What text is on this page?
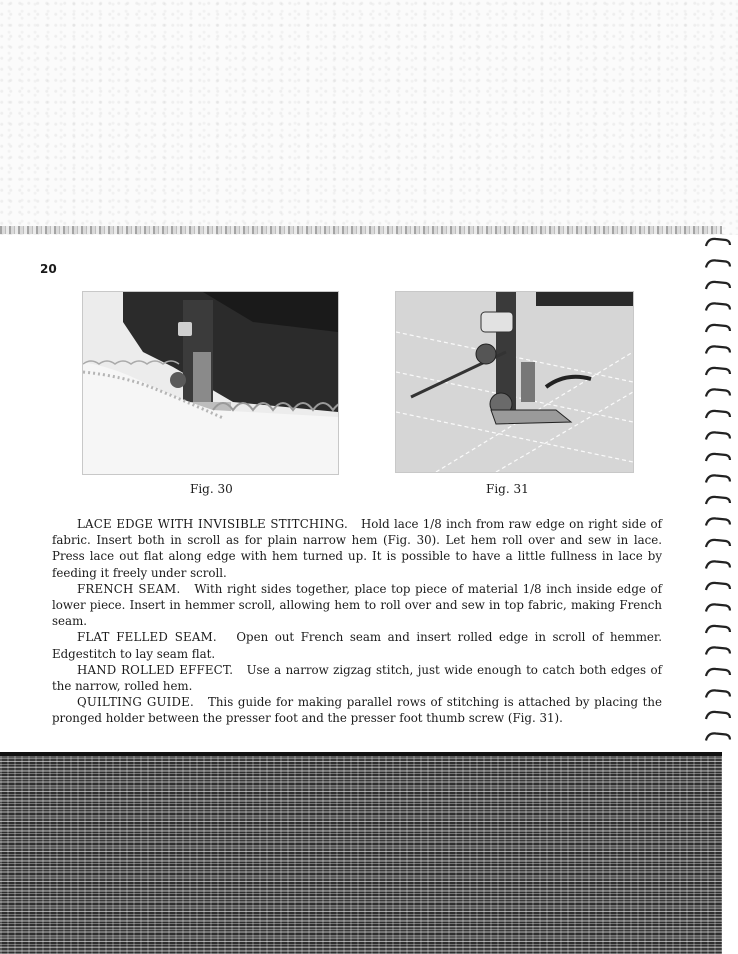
20
Fig. 30	Fig. 31

LACE EDGE WITH INVISIBLE STITCHING. Hold lace 1/8 inch from raw edge on right side of fabric. Insert both in scroll as for plain narrow hem (Fig. 30). Let hem roll over and sew in lace. Press lace out flat along edge with hem turned up. It is possible to have a little fullness in lace by feeding it freely under scroll.

FRENCH SEAM. With right sides together, place top piece of material 1/8 inch inside edge of lower piece. Insert in hemmer scroll, allowing hem to roll over and sew in top fabric, making French seam.

FLAT FELLED SEAM. Open out French seam and insert rolled edge in scroll of hemmer. Edgestitch to lay seam flat.

HAND ROLLED EFFECT. Use a narrow zigzag stitch, just wide enough to catch both edges of the narrow, rolled hem.

QUILTING GUIDE. This guide for making parallel rows of stitching is attached by placing the pronged holder between the presser foot and the presser foot thumb screw (Fig. 31).
